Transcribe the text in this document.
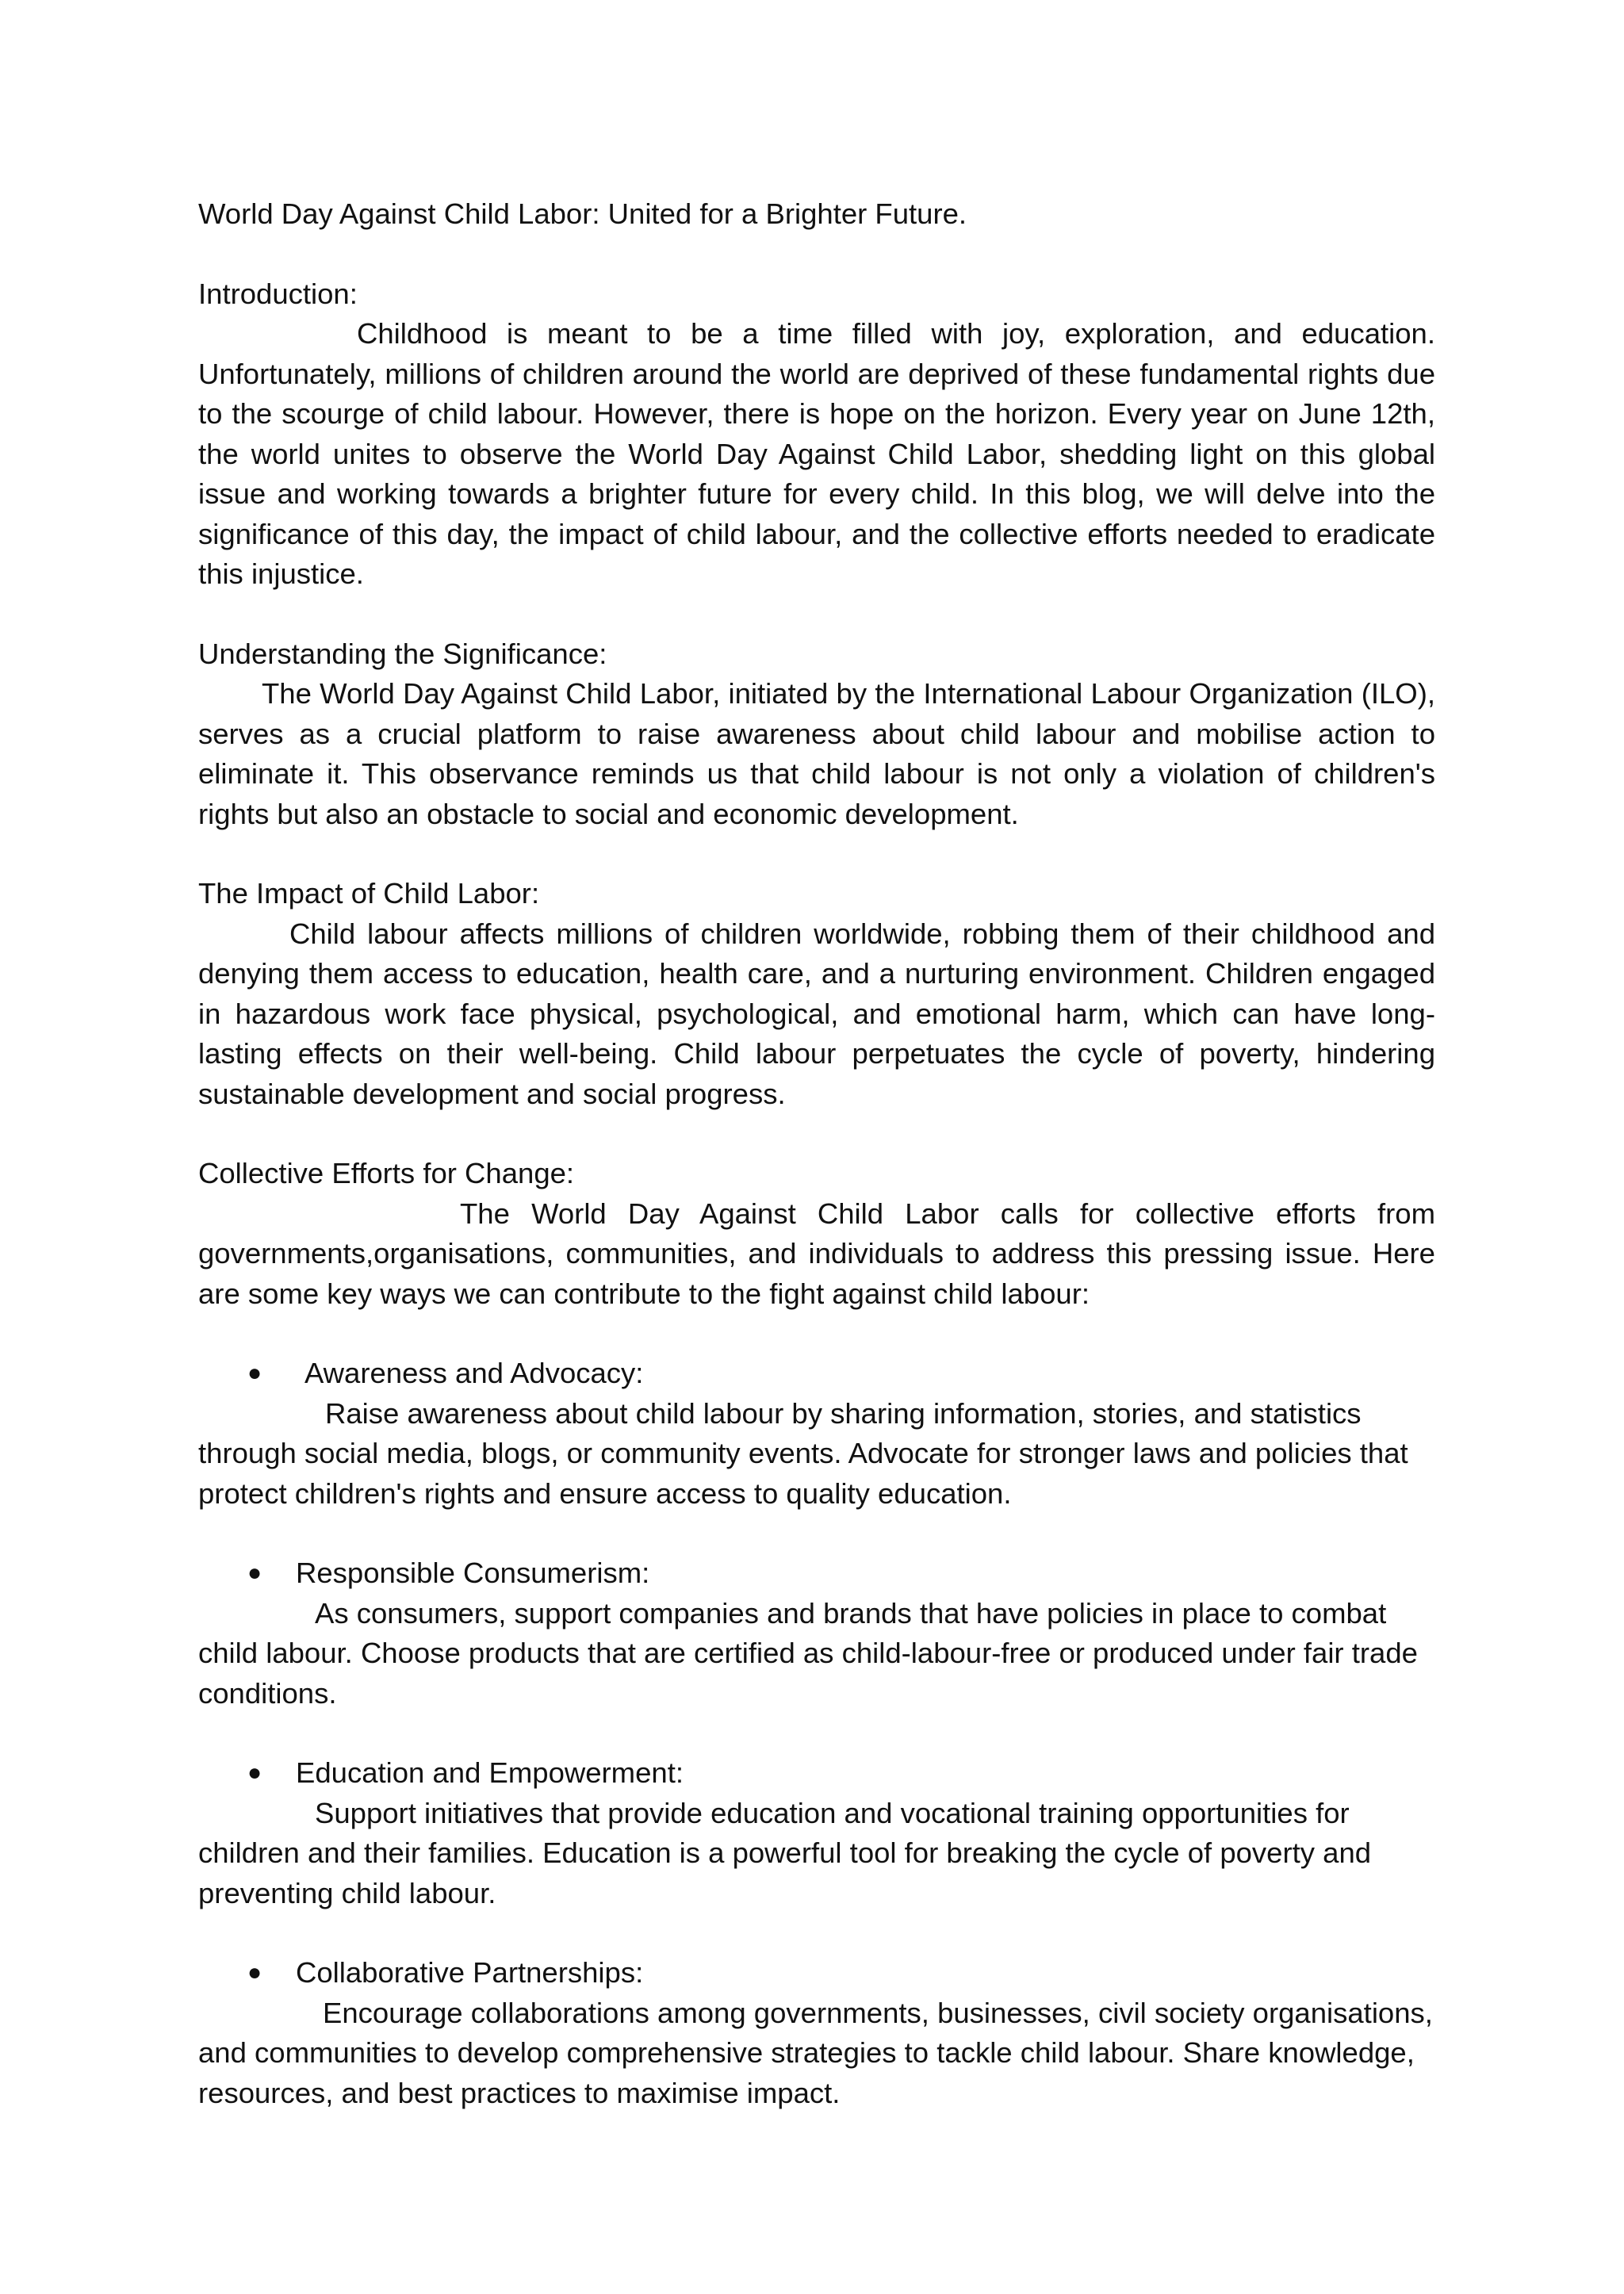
World Day Against Child Labor: United for a Brighter Future.

Introduction:

Childhood is meant to be a time filled with joy, exploration, and education. Unfortunately, millions of children around the world are deprived of these fundamental rights due to the scourge of child labour. However, there is hope on the horizon. Every year on June 12th, the world unites to observe the World Day Against Child Labor, shedding light on this global issue and working towards a brighter future for every child. In this blog, we will delve into the significance of this day, the impact of child labour, and the collective efforts needed to eradicate this injustice.

Understanding the Significance:

The World Day Against Child Labor, initiated by the International Labour Organization (ILO), serves as a crucial platform to raise awareness about child labour and mobilise action to eliminate it. This observance reminds us that child labour is not only a violation of children's rights but also an obstacle to social and economic development.

The Impact of Child Labor:

Child labour affects millions of children worldwide, robbing them of their childhood and denying them access to education, health care, and a nurturing environment. Children engaged in hazardous work face physical, psychological, and emotional harm, which can have long-lasting effects on their well-being. Child labour perpetuates the cycle of poverty, hindering sustainable development and social progress.

Collective Efforts for Change:

The World Day Against Child Labor calls for collective efforts from governments,organisations, communities, and individuals to address this pressing issue. Here are some key ways we can contribute to the fight against child labour:

●	Awareness and Advocacy:

Raise awareness about child labour by sharing information, stories, and statistics through social media, blogs, or community events. Advocate for stronger laws and policies that protect children's rights and ensure access to quality education.

●	Responsible Consumerism:

As consumers, support companies and brands that have policies in place to combat child labour. Choose products that are certified as child-labour-free or produced under fair trade conditions.

●	Education and Empowerment:

Support initiatives that provide education and vocational training opportunities for children and their families. Education is a powerful tool for breaking the cycle of poverty and preventing child labour.

●	Collaborative Partnerships:

Encourage collaborations among governments, businesses, civil society organisations, and communities to develop comprehensive strategies to tackle child labour. Share knowledge, resources, and best practices to maximise impact.
